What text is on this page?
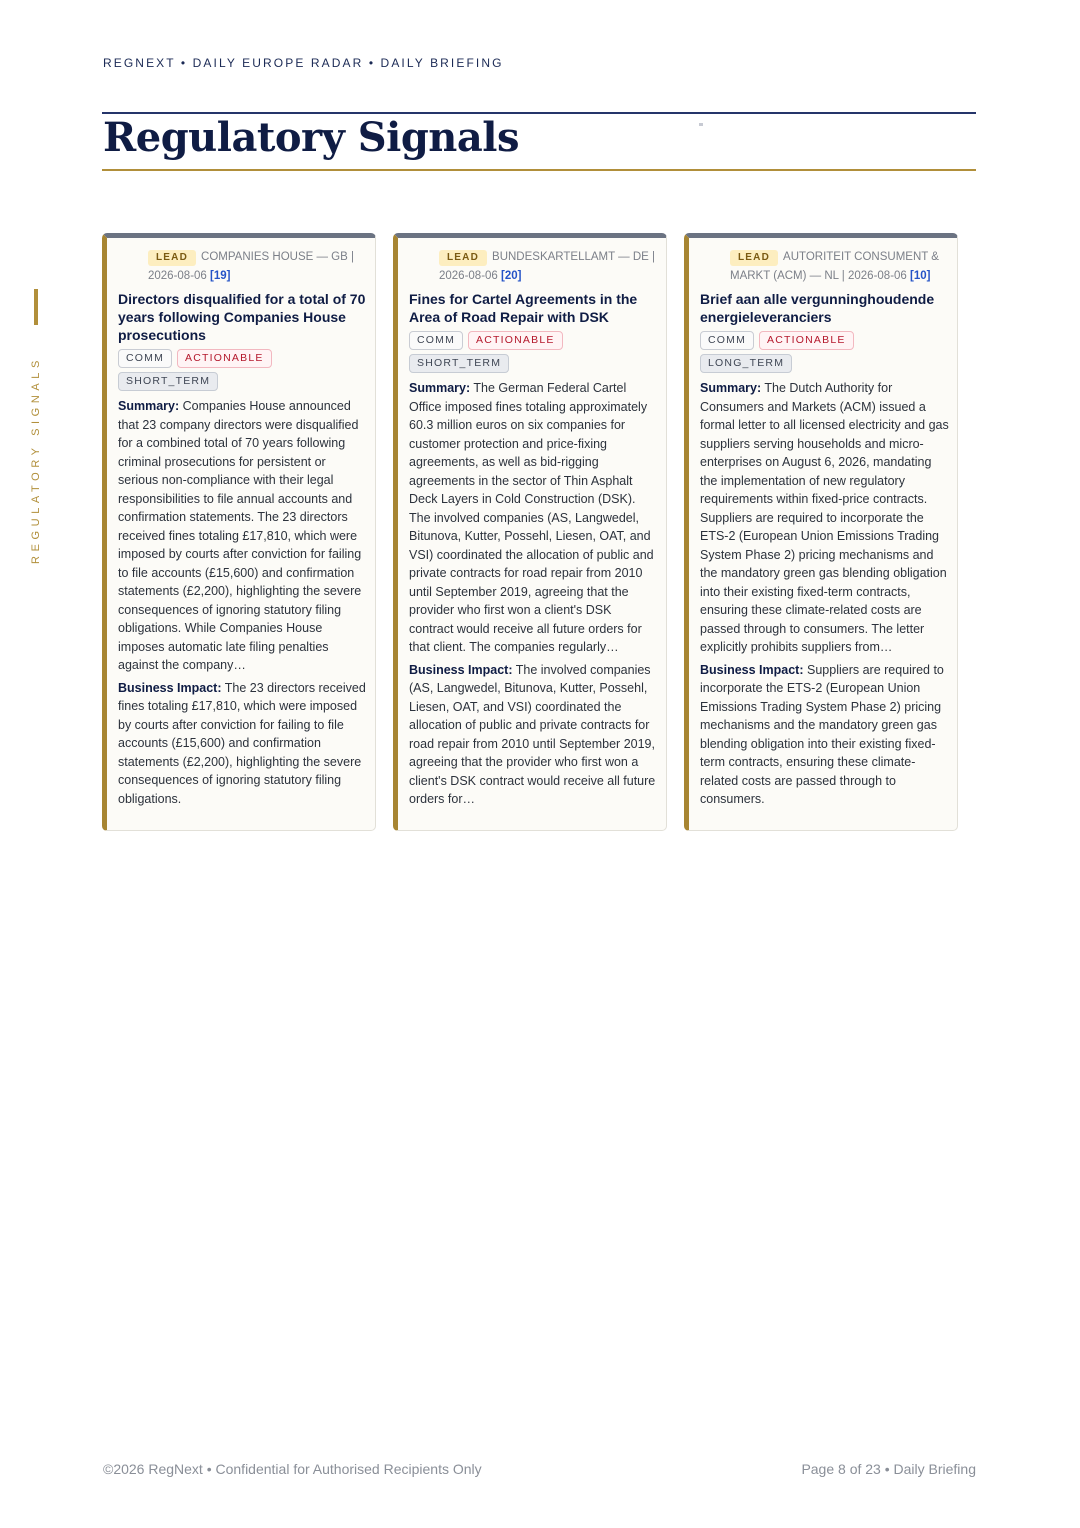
REGNEXT • DAILY EUROPE RADAR • DAILY BRIEFING
Regulatory Signals
REGULATORY SIGNALS
LEAD COMPANIES HOUSE — GB | 2026-08-06 [19]
Directors disqualified for a total of 70 years following Companies House prosecutions
COMM ACTIONABLE
SHORT_TERM
Summary: Companies House announced that 23 company directors were disqualified for a combined total of 70 years following criminal prosecutions for persistent or serious non-compliance with their legal responsibilities to file annual accounts and confirmation statements. The 23 directors received fines totaling £17,810, which were imposed by courts after conviction for failing to file accounts (£15,600) and confirmation statements (£2,200), highlighting the severe consequences of ignoring statutory filing obligations. While Companies House imposes automatic late filing penalties against the company…
Business Impact: The 23 directors received fines totaling £17,810, which were imposed by courts after conviction for failing to file accounts (£15,600) and confirmation statements (£2,200), highlighting the severe consequences of ignoring statutory filing obligations.
LEAD BUNDESKARTELLAMT — DE | 2026-08-06 [20]
Fines for Cartel Agreements in the Area of Road Repair with DSK
COMM ACTIONABLE
SHORT_TERM
Summary: The German Federal Cartel Office imposed fines totaling approximately 60.3 million euros on six companies for customer protection and price-fixing agreements, as well as bid-rigging agreements in the sector of Thin Asphalt Deck Layers in Cold Construction (DSK). The involved companies (AS, Langwedel, Bitunova, Kutter, Possehl, Liesen, OAT, and VSI) coordinated the allocation of public and private contracts for road repair from 2010 until September 2019, agreeing that the provider who first won a client's DSK contract would receive all future orders for that client. The companies regularly…
Business Impact: The involved companies (AS, Langwedel, Bitunova, Kutter, Possehl, Liesen, OAT, and VSI) coordinated the allocation of public and private contracts for road repair from 2010 until September 2019, agreeing that the provider who first won a client's DSK contract would receive all future orders for…
LEAD AUTORITEIT CONSUMENT & MARKT (ACM) — NL | 2026-08-06 [10]
Brief aan alle vergunninghoudende energieleveranciers
COMM ACTIONABLE
LONG_TERM
Summary: The Dutch Authority for Consumers and Markets (ACM) issued a formal letter to all licensed electricity and gas suppliers serving households and micro-enterprises on August 6, 2026, mandating the implementation of new regulatory requirements within fixed-price contracts. Suppliers are required to incorporate the ETS-2 (European Union Emissions Trading System Phase 2) pricing mechanisms and the mandatory green gas blending obligation into their existing fixed-term contracts, ensuring these climate-related costs are passed through to consumers. The letter explicitly prohibits suppliers from…
Business Impact: Suppliers are required to incorporate the ETS-2 (European Union Emissions Trading System Phase 2) pricing mechanisms and the mandatory green gas blending obligation into their existing fixed-term contracts, ensuring these climate-related costs are passed through to consumers.
©2026 RegNext • Confidential for Authorised Recipients Only	Page 8 of 23 • Daily Briefing
